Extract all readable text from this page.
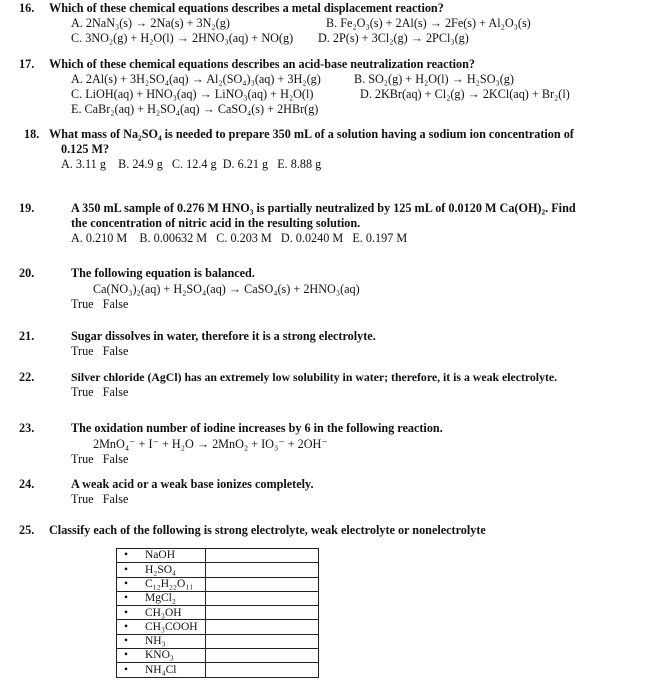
16. Which of these chemical equations describes a metal displacement reaction?
A. 2NaN₃(s) → 2Na(s) + 3N₂(g)	B. Fe₂O₃(s) + 2Al(s) → 2Fe(s) + Al₂O₃(s)
C. 3NO₂(g) + H₂O(l) → 2HNO₃(aq) + NO(g) D. 2P(s) + 3Cl₂(g) → 2PCl₃(g)
17. Which of these chemical equations describes an acid-base neutralization reaction?
A. 2Al(s) + 3H₂SO₄(aq) → Al₂(SO₄)₃(aq) + 3H₂(g)	B. SO₂(g) + H₂O(l) → H₂SO₃(g)
C. LiOH(aq) + HNO₃(aq) → LiNO₃(aq) + H₂O(l)	D. 2KBr(aq) + Cl₂(g) → 2KCl(aq) + Br₂(l)
E. CaBr₂(aq) + H₂SO₄(aq) → CaSO₄(s) + 2HBr(g)
18. What mass of Na₂SO₄ is needed to prepare 350 mL of a solution having a sodium ion concentration of
0.125 M?
A. 3.11 g    B. 24.9 g   C. 12.4 g  D. 6.21 g   E. 8.88 g
19.	A 350 mL sample of 0.276 M HNO₃ is partially neutralized by 125 mL of 0.0120 M Ca(OH)₂. Find
the concentration of nitric acid in the resulting solution.
A. 0.210 M    B. 0.00632 M   C. 0.203 M   D. 0.0240 M   E. 0.197 M
20.	The following equation is balanced.
Ca(NO₃)₂(aq) + H₂SO₄(aq) → CaSO₄(s) + 2HNO₃(aq)
True   False
21.	Sugar dissolves in water, therefore it is a strong electrolyte.
True   False
22.	Silver chloride (AgCl) has an extremely low solubility in water; therefore, it is a weak electrolyte.
True   False
23.	The oxidation number of iodine increases by 6 in the following reaction.
2MnO₄⁻ + I⁻ + H₂O → 2MnO₂ + IO₃⁻ + 2OH⁻
True   False
24.	A weak acid or a weak base ionizes completely.
True   False
25. Classify each of the following is strong electrolyte, weak electrolyte or nonelectrolyte
•	NaOH	
•	H₂SO₄	
•	C₁₂H₂₂O₁₁	
•	MgCl₂	
•	CH₃OH	
•	CH₃COOH	
•	NH₃	
•	KNO₃	
•	NH₄Cl	
